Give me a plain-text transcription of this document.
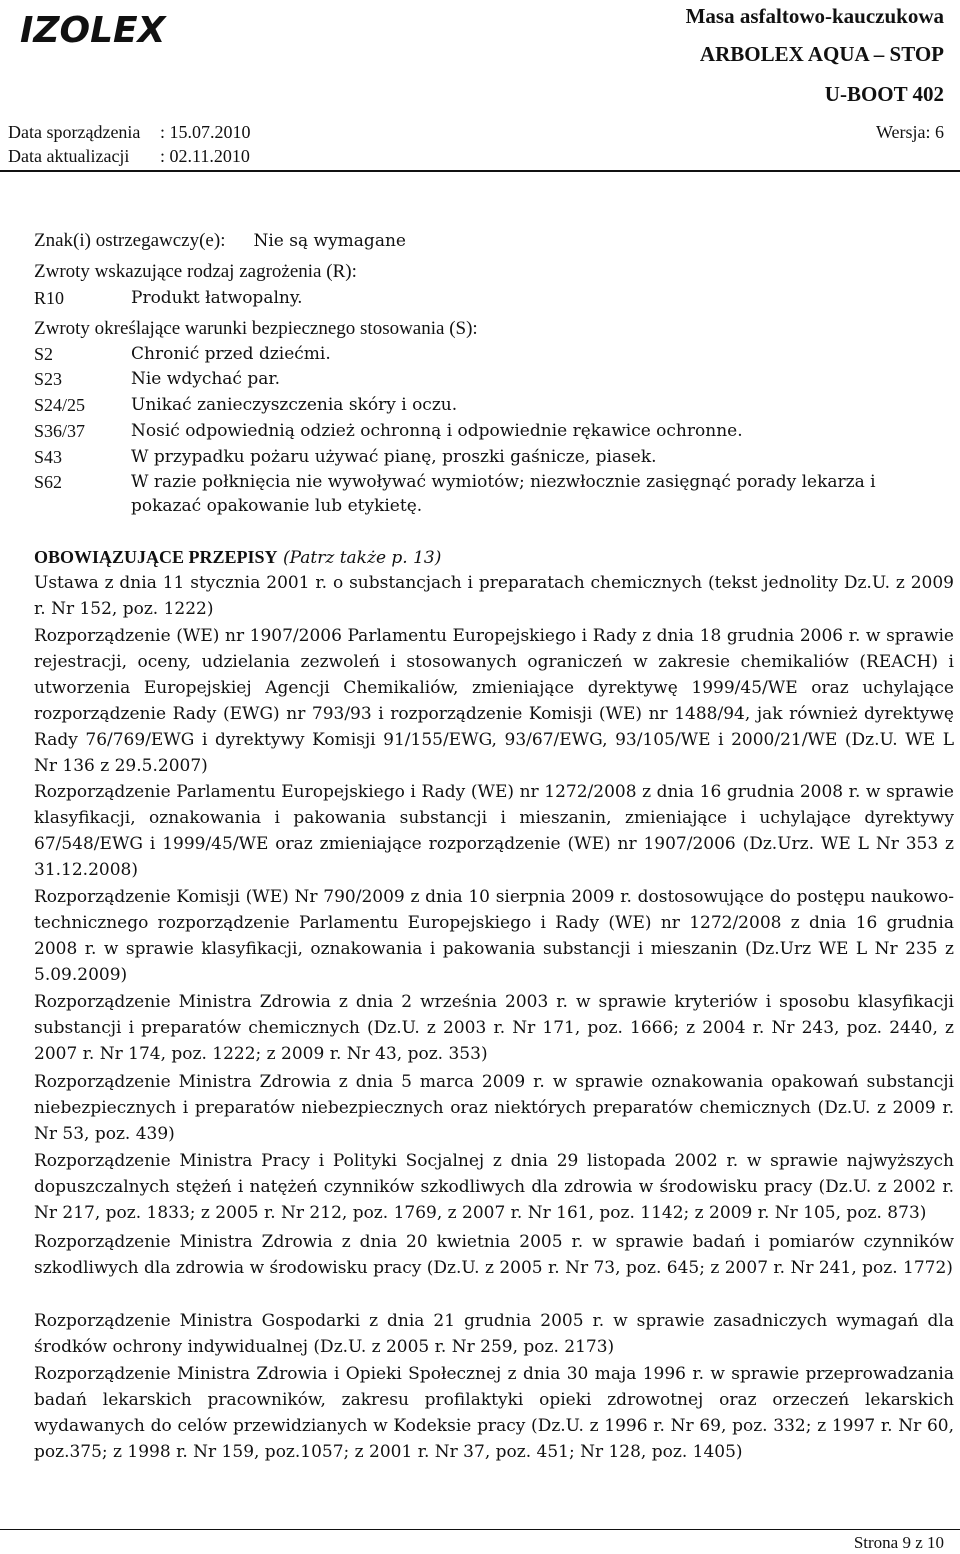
IZOLEX	Masa asfaltowo-kauczukowa
ARBOLEX AQUA – STOP
U-BOOT 402
Data sporządzenia : 15.07.2010
Data aktualizacji : 02.11.2010
Wersja: 6
Znak(i) ostrzegawczy(e): Nie są wymagane
Zwroty wskazujące rodzaj zagrożenia (R):
R10	Produkt łatwopalny.
Zwroty określające warunki bezpiecznego stosowania (S):
S2	Chronić przed dziećmi.
S23	Nie wdychać par.
S24/25	Unikać zanieczyszczenia skóry i oczu.
S36/37	Nosić odpowiednią odzież ochronną i odpowiednie rękawice ochronne.
S43	W przypadku pożaru używać pianę, proszki gaśnicze, piasek.
S62	W razie połknięcia nie wywoływać wymiotów; niezwłocznie zasięgnąć porady lekarza i pokazać opakowanie lub etykietę.
OBOWIĄZUJĄCE PRZEPISY (Patrz także p. 13)

Ustawa z dnia 11 stycznia 2001 r. o substancjach i preparatach chemicznych (tekst jednolity Dz.U. z 2009 r. Nr 152, poz. 1222)

Rozporządzenie (WE) nr 1907/2006 Parlamentu Europejskiego i Rady z dnia 18 grudnia 2006 r. w sprawie rejestracji, oceny, udzielania zezwoleń i stosowanych ograniczeń w zakresie chemikaliów (REACH) i utworzenia Europejskiej Agencji Chemikaliów, zmieniające dyrektywę 1999/45/WE oraz uchylające rozporządzenie Rady (EWG) nr 793/93 i rozporządzenie Komisji (WE) nr 1488/94, jak również dyrektywę Rady 76/769/EWG i dyrektywy Komisji 91/155/EWG, 93/67/EWG, 93/105/WE i 2000/21/WE (Dz.U. WE L Nr 136 z 29.5.2007)

Rozporządzenie Parlamentu Europejskiego i Rady (WE) nr 1272/2008 z dnia 16 grudnia 2008 r. w sprawie klasyfikacji, oznakowania i pakowania substancji i mieszanin, zmieniające i uchylające dyrektywy 67/548/EWG i 1999/45/WE oraz zmieniające rozporządzenie (WE) nr 1907/2006 (Dz.Urz. WE L Nr 353 z 31.12.2008)

Rozporządzenie Komisji (WE) Nr 790/2009 z dnia 10 sierpnia 2009 r. dostosowujące do postępu naukowo-technicznego rozporządzenie Parlamentu Europejskiego i Rady (WE) nr 1272/2008 z dnia 16 grudnia 2008 r. w sprawie klasyfikacji, oznakowania i pakowania substancji i mieszanin (Dz.Urz WE L Nr 235 z 5.09.2009)

Rozporządzenie Ministra Zdrowia z dnia 2 września 2003 r. w sprawie kryteriów i sposobu klasyfikacji substancji i preparatów chemicznych (Dz.U. z 2003 r. Nr 171, poz. 1666; z 2004 r. Nr 243, poz. 2440, z 2007 r. Nr 174, poz. 1222; z 2009 r. Nr 43, poz. 353)

Rozporządzenie Ministra Zdrowia z dnia 5 marca 2009 r. w sprawie oznakowania opakowań substancji niebezpiecznych i preparatów niebezpiecznych oraz niektórych preparatów chemicznych (Dz.U. z 2009 r. Nr 53, poz. 439)

Rozporządzenie Ministra Pracy i Polityki Socjalnej z dnia 29 listopada 2002 r. w sprawie najwyższych dopuszczalnych stężeń i natężeń czynników szkodliwych dla zdrowia w środowisku pracy (Dz.U. z 2002 r. Nr 217, poz. 1833; z 2005 r. Nr 212, poz. 1769, z 2007 r. Nr 161, poz. 1142; z 2009 r. Nr 105, poz. 873)

Rozporządzenie Ministra Zdrowia z dnia 20 kwietnia 2005 r. w sprawie badań i pomiarów czynników szkodliwych dla zdrowia w środowisku pracy (Dz.U. z 2005 r. Nr 73, poz. 645; z 2007 r. Nr 241, poz. 1772)

Rozporządzenie Ministra Gospodarki z dnia 21 grudnia 2005 r. w sprawie zasadniczych wymagań dla środków ochrony indywidualnej (Dz.U. z 2005 r. Nr 259, poz. 2173)

Rozporządzenie Ministra Zdrowia i Opieki Społecznej z dnia 30 maja 1996 r. w sprawie przeprowadzania badań lekarskich pracowników, zakresu profilaktyki opieki zdrowotnej oraz orzeczeń lekarskich wydawanych do celów przewidzianych w Kodeksie pracy (Dz.U. z 1996 r. Nr 69, poz. 332; z 1997 r. Nr 60, poz.375; z 1998 r. Nr 159, poz.1057; z 2001 r. Nr 37, poz. 451; Nr 128, poz. 1405)

Strona 9 z 10
